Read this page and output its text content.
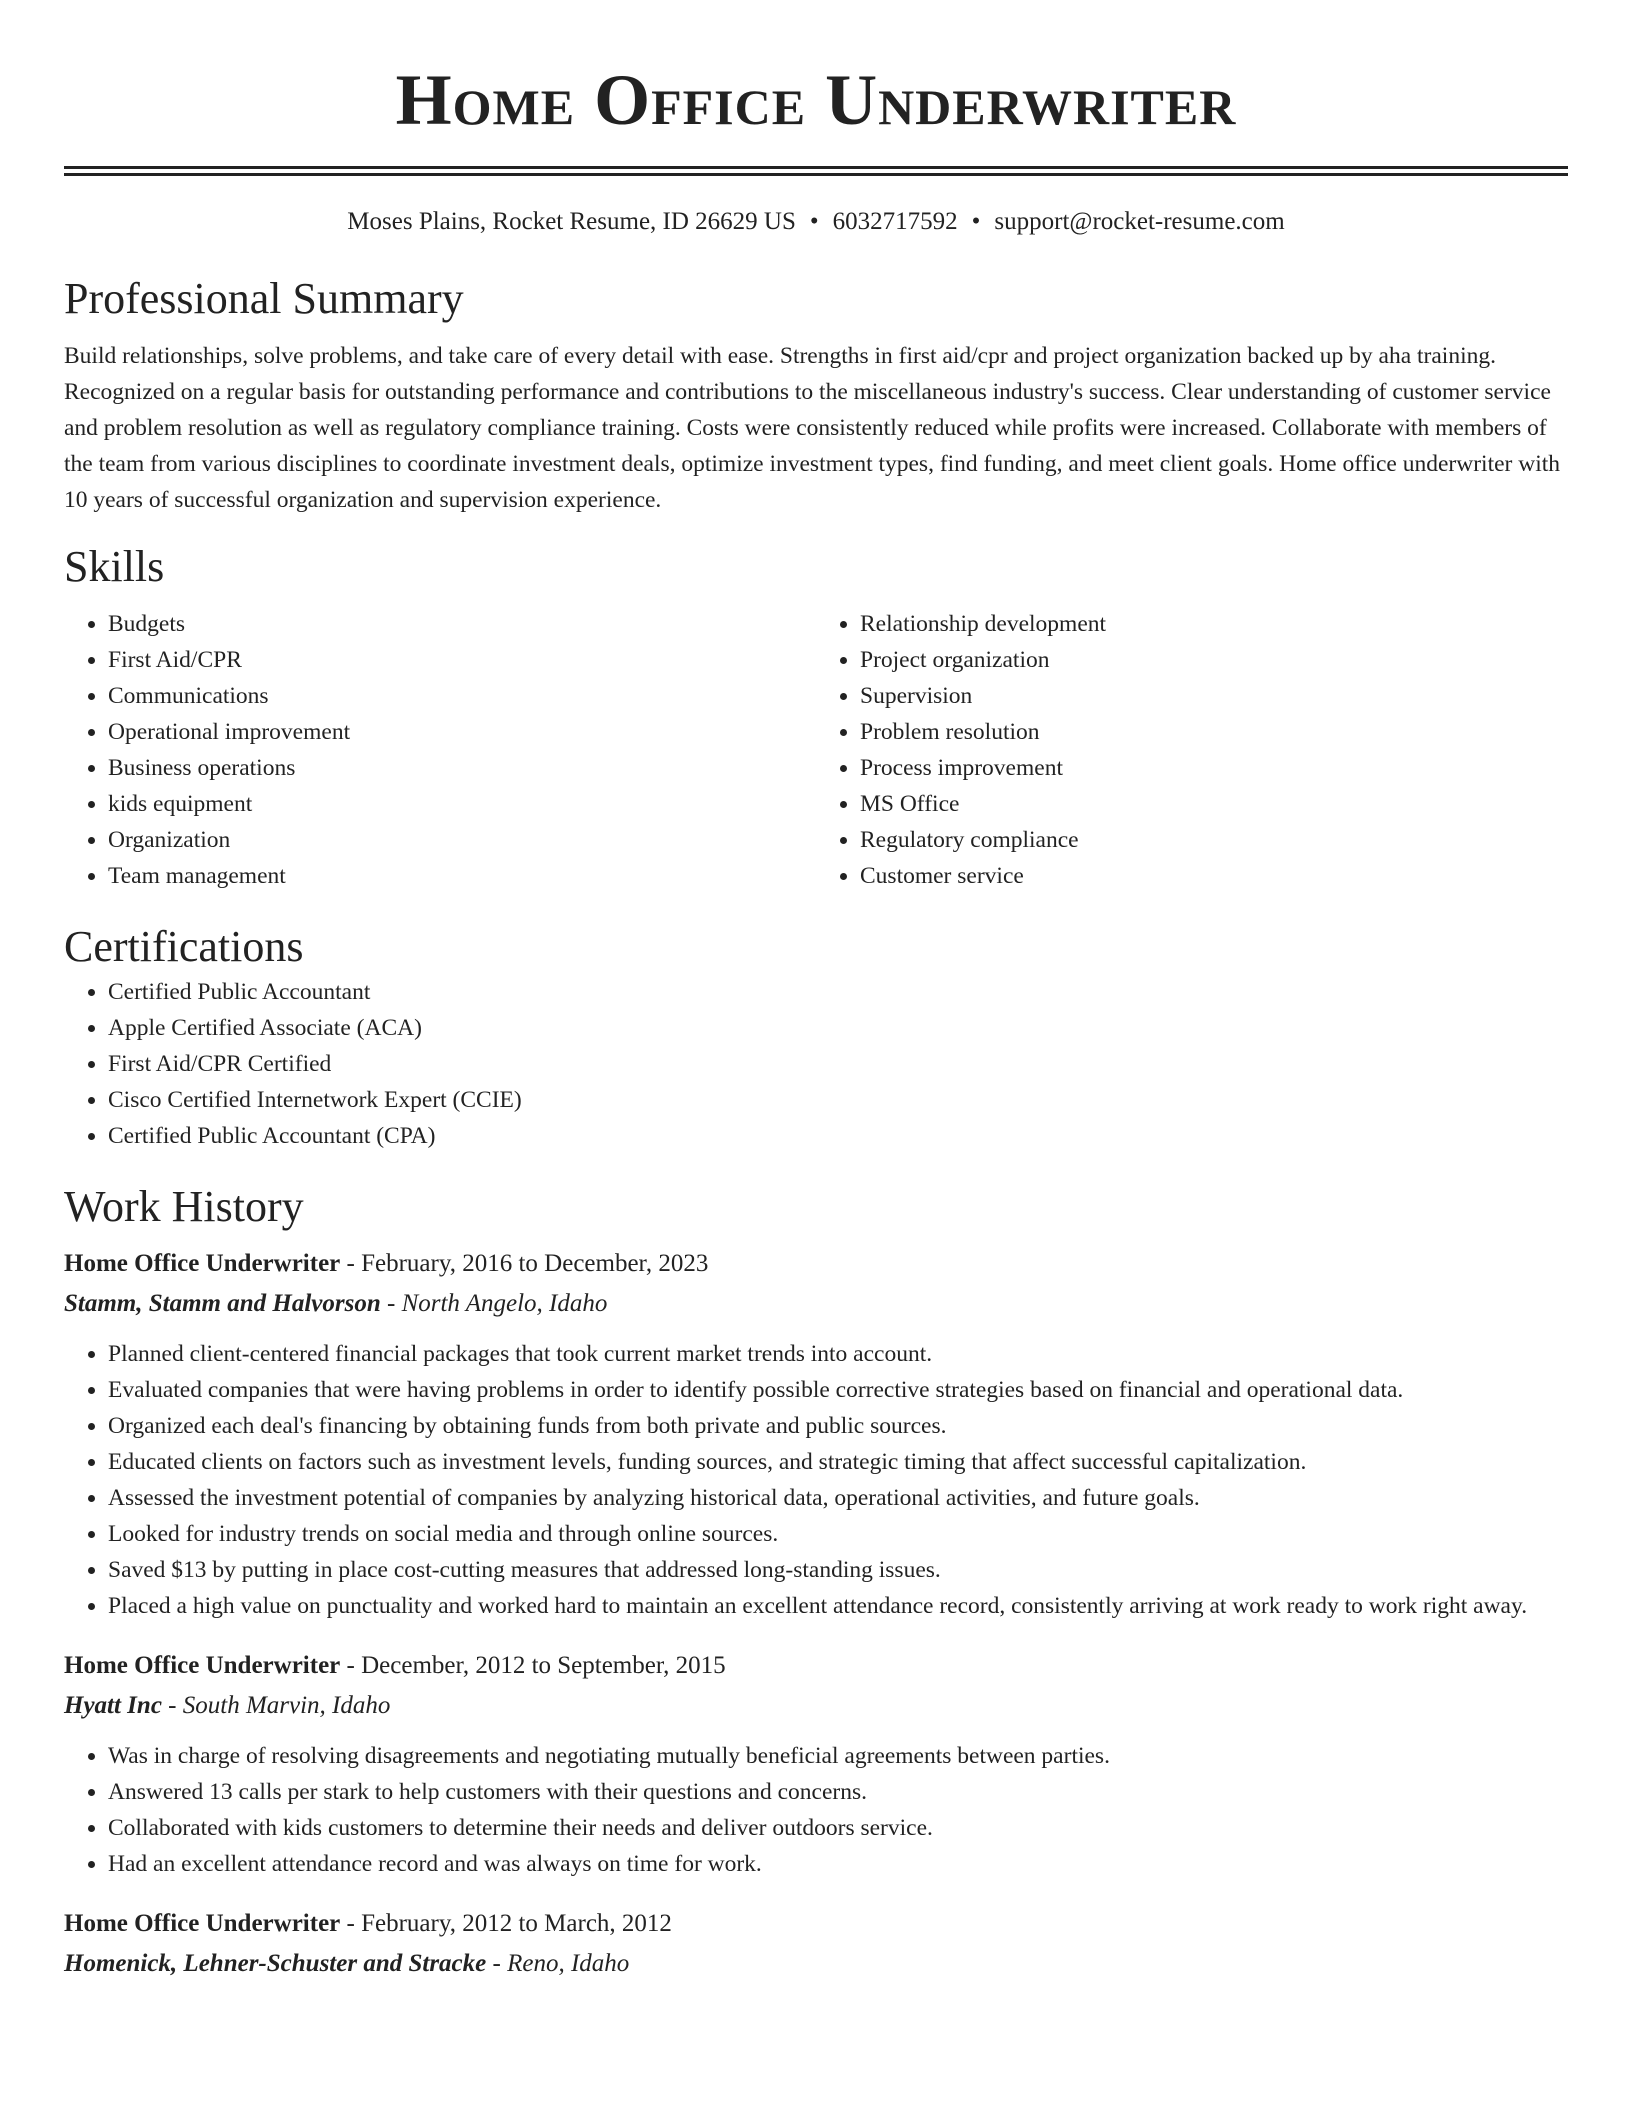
Home Office Underwriter
Moses Plains, Rocket Resume, ID 26629 US • 6032717592 • support@rocket-resume.com
Professional Summary
Build relationships, solve problems, and take care of every detail with ease. Strengths in first aid/cpr and project organization backed up by aha training. Recognized on a regular basis for outstanding performance and contributions to the miscellaneous industry's success. Clear understanding of customer service and problem resolution as well as regulatory compliance training. Costs were consistently reduced while profits were increased. Collaborate with members of the team from various disciplines to coordinate investment deals, optimize investment types, find funding, and meet client goals. Home office underwriter with 10 years of successful organization and supervision experience.
Skills
• Budgets
• First Aid/CPR
• Communications
• Operational improvement
• Business operations
• kids equipment
• Organization
• Team management
• Relationship development
• Project organization
• Supervision
• Problem resolution
• Process improvement
• MS Office
• Regulatory compliance
• Customer service
Certifications
• Certified Public Accountant
• Apple Certified Associate (ACA)
• First Aid/CPR Certified
• Cisco Certified Internetwork Expert (CCIE)
• Certified Public Accountant (CPA)
Work History
Home Office Underwriter - February, 2016 to December, 2023
Stamm, Stamm and Halvorson - North Angelo, Idaho
• Planned client-centered financial packages that took current market trends into account.
• Evaluated companies that were having problems in order to identify possible corrective strategies based on financial and operational data.
• Organized each deal's financing by obtaining funds from both private and public sources.
• Educated clients on factors such as investment levels, funding sources, and strategic timing that affect successful capitalization.
• Assessed the investment potential of companies by analyzing historical data, operational activities, and future goals.
• Looked for industry trends on social media and through online sources.
• Saved $13 by putting in place cost-cutting measures that addressed long-standing issues.
• Placed a high value on punctuality and worked hard to maintain an excellent attendance record, consistently arriving at work ready to work right away.
Home Office Underwriter - December, 2012 to September, 2015
Hyatt Inc - South Marvin, Idaho
• Was in charge of resolving disagreements and negotiating mutually beneficial agreements between parties.
• Answered 13 calls per stark to help customers with their questions and concerns.
• Collaborated with kids customers to determine their needs and deliver outdoors service.
• Had an excellent attendance record and was always on time for work.
Home Office Underwriter - February, 2012 to March, 2012
Homenick, Lehner-Schuster and Stracke - Reno, Idaho
